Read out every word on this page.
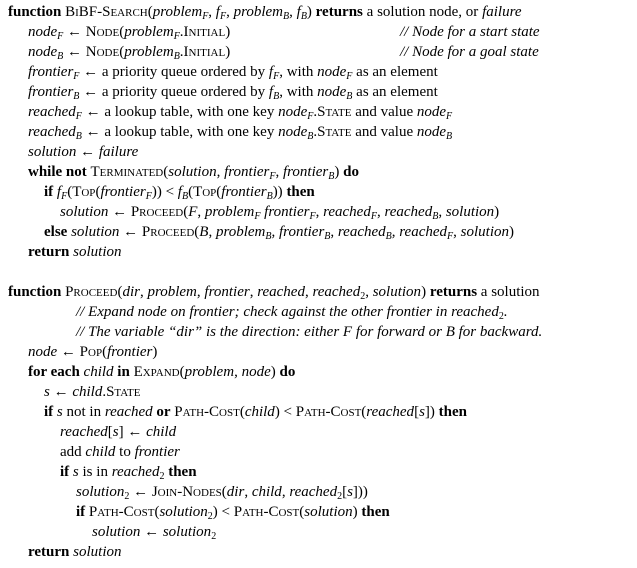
function BiBF-Search(problem$_F$, $f_F$, problem$_B$, $f_B$) returns a solution node, or failure
node$_F$ ← Node(problem$_F$.Initial)	// Node for a start state
node$_B$ ← Node(problem$_B$.Initial)	// Node for a goal state
frontier$_F$ ← a priority queue ordered by $f_F$, with node$_F$ as an element
frontier$_B$ ← a priority queue ordered by $f_B$, with node$_B$ as an element
reached$_F$ ← a lookup table, with one key node$_F$.State and value node$_F$
reached$_B$ ← a lookup table, with one key node$_B$.State and value node$_B$
solution ← failure
while not Terminated(solution, frontier$_F$, frontier$_B$) do
if $f_F(Top(frontier_F))$ < $f_B(Top(frontier_B))$ then
solution ← Proceed(F, problem$_F$ frontier$_F$, reached$_F$, reached$_B$, solution)
else solution ← Proceed(B, problem$_B$, frontier$_B$, reached$_B$, reached$_F$, solution)
return solution
function Proceed(dir, problem, frontier, reached, reached$_2$, solution) returns a solution
// Expand node on frontier; check against the other frontier in reached$_2$.
// The variable “dir” is the direction: either F for forward or B for backward.
node ← Pop(frontier)
for each child in Expand(problem, node) do
s ← child.State
if s not in reached or Path-Cost(child) < Path-Cost(reached[s]) then
reached[s] ← child
add child to frontier
if s is in reached$_2$ then
solution$_2$ ← Join-Nodes(dir, child, reached$_2$[s]))
if Path-Cost(solution$_2$) < Path-Cost(solution) then
solution ← solution$_2$
return solution
